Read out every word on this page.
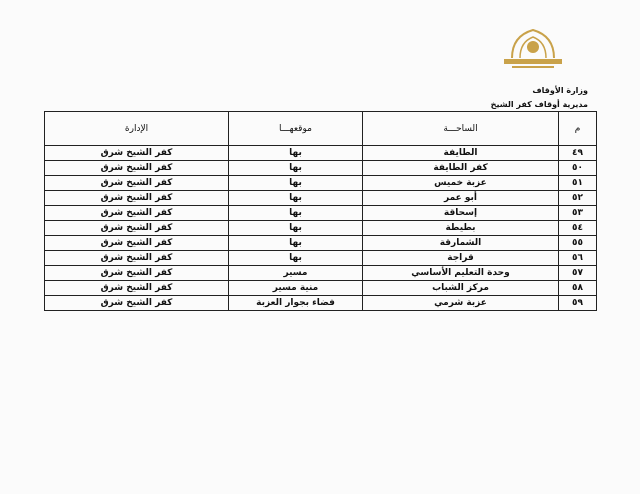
وزارة الأوقاف
مديرية أوقاف كفر الشيخ
م	الساحـــة	موقعهـــا	الإدارة
٤٩	الطايفة	بها	كفر الشيخ شرق
٥٠	كفر الطايفة	بها	كفر الشيخ شرق
٥١	عزبة خميس	بها	كفر الشيخ شرق
٥٢	أبو عمر	بها	كفر الشيخ شرق
٥٣	إسحاقة	بها	كفر الشيخ شرق
٥٤	بطيطة	بها	كفر الشيخ شرق
٥٥	الشمارقة	بها	كفر الشيخ شرق
٥٦	قراجة	بها	كفر الشيخ شرق
٥٧	وحدة التعليم الأساسي	مسير	كفر الشيخ شرق
٥٨	مركز الشباب	منية مسير	كفر الشيخ شرق
٥٩	عزبة شرمي	فضاء بجوار العزبة	كفر الشيخ شرق
